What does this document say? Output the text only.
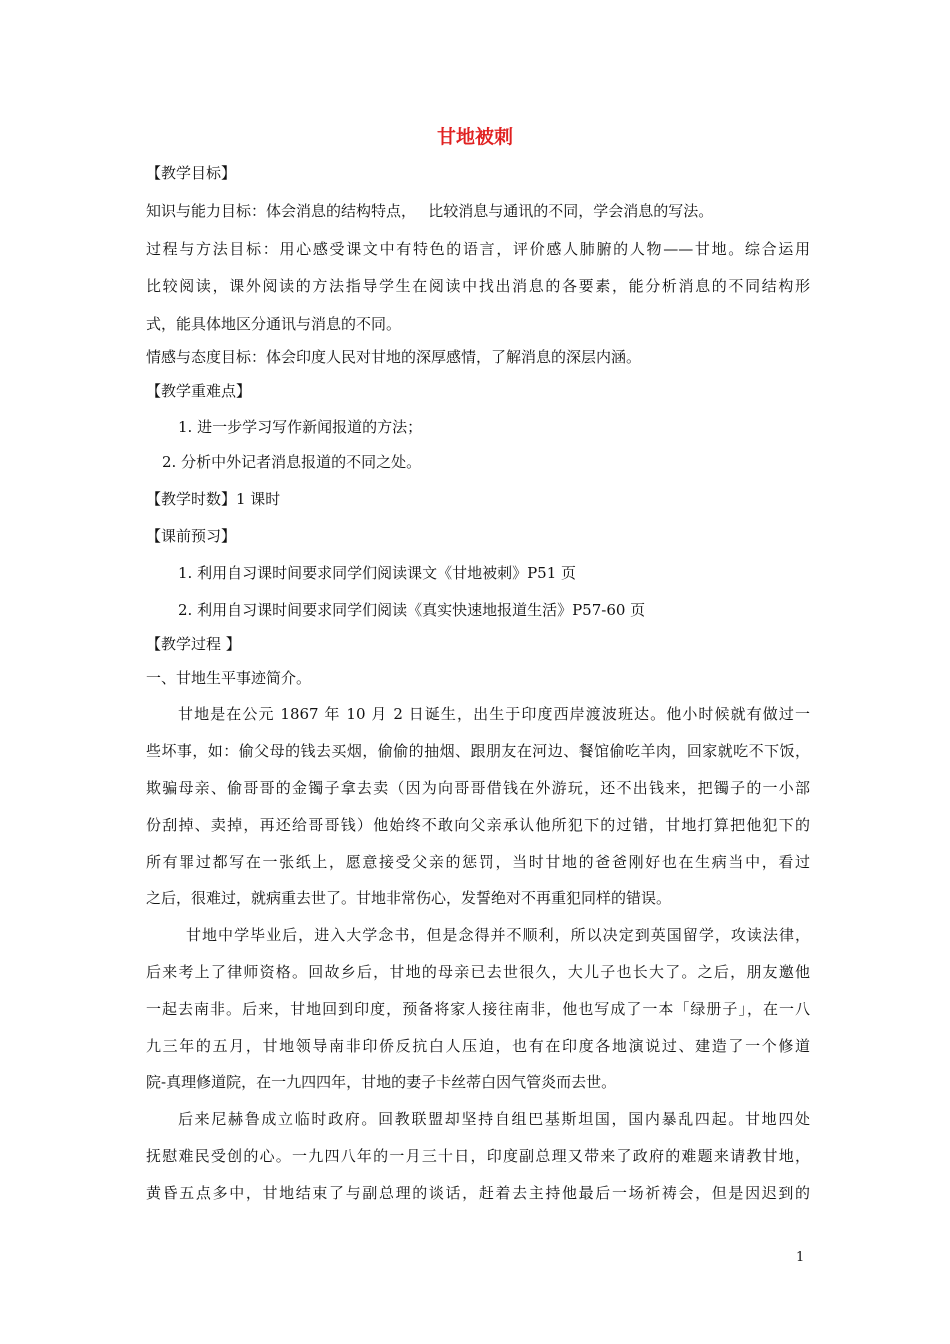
甘地被刺
【教学目标】
知识与能力目标：体会消息的结构特点，　 比较消息与通讯的不同，学会消息的写法。
过程与方法目标：用心感受课文中有特色的语言，评价感人肺腑的人物——甘地。综合运用
比较阅读，课外阅读的方法指导学生在阅读中找出消息的各要素，能分析消息的不同结构形
式，能具体地区分通讯与消息的不同。
情感与态度目标：体会印度人民对甘地的深厚感情，了解消息的深层内涵。
【教学重难点】
1. 进一步学习写作新闻报道的方法；
2. 分析中外记者消息报道的不同之处。
【教学时数】1 课时
【课前预习】
1. 利用自习课时间要求同学们阅读课文《甘地被刺》P51 页
2. 利用自习课时间要求同学们阅读《真实快速地报道生活》P57-60 页
【教学过程 】
一、甘地生平事迹简介。
甘地是在公元 1867 年 10 月 2 日诞生，出生于印度西岸渡波班达。他小时候就有做过一
些坏事，如：偷父母的钱去买烟，偷偷的抽烟、跟朋友在河边、餐馆偷吃羊肉，回家就吃不下饭，
欺骗母亲、偷哥哥的金镯子拿去卖（因为向哥哥借钱在外游玩，还不出钱来，把镯子的一小部
份刮掉、卖掉，再还给哥哥钱）他始终不敢向父亲承认他所犯下的过错，甘地打算把他犯下的
所有罪过都写在一张纸上，愿意接受父亲的惩罚，当时甘地的爸爸刚好也在生病当中，看过
之后，很难过，就病重去世了。甘地非常伤心，发誓绝对不再重犯同样的错误。
甘地中学毕业后，进入大学念书，但是念得并不顺利，所以决定到英国留学，攻读法律，
后来考上了律师资格。回故乡后，甘地的母亲已去世很久，大儿子也长大了。之后，朋友邀他
一起去南非。后来，甘地回到印度，预备将家人接往南非，他也写成了一本「绿册子」，在一八
九三年的五月，甘地领导南非印侨反抗白人压迫，也有在印度各地演说过、建造了一个修道
院-真理修道院，在一九四四年，甘地的妻子卡丝蒂白因气管炎而去世。
后来尼赫鲁成立临时政府。回教联盟却坚持自组巴基斯坦国，国内暴乱四起。甘地四处
抚慰难民受创的心。一九四八年的一月三十日，印度副总理又带来了政府的难题来请教甘地，
黄昏五点多中，甘地结束了与副总理的谈话，赶着去主持他最后一场祈祷会，但是因迟到的
1
